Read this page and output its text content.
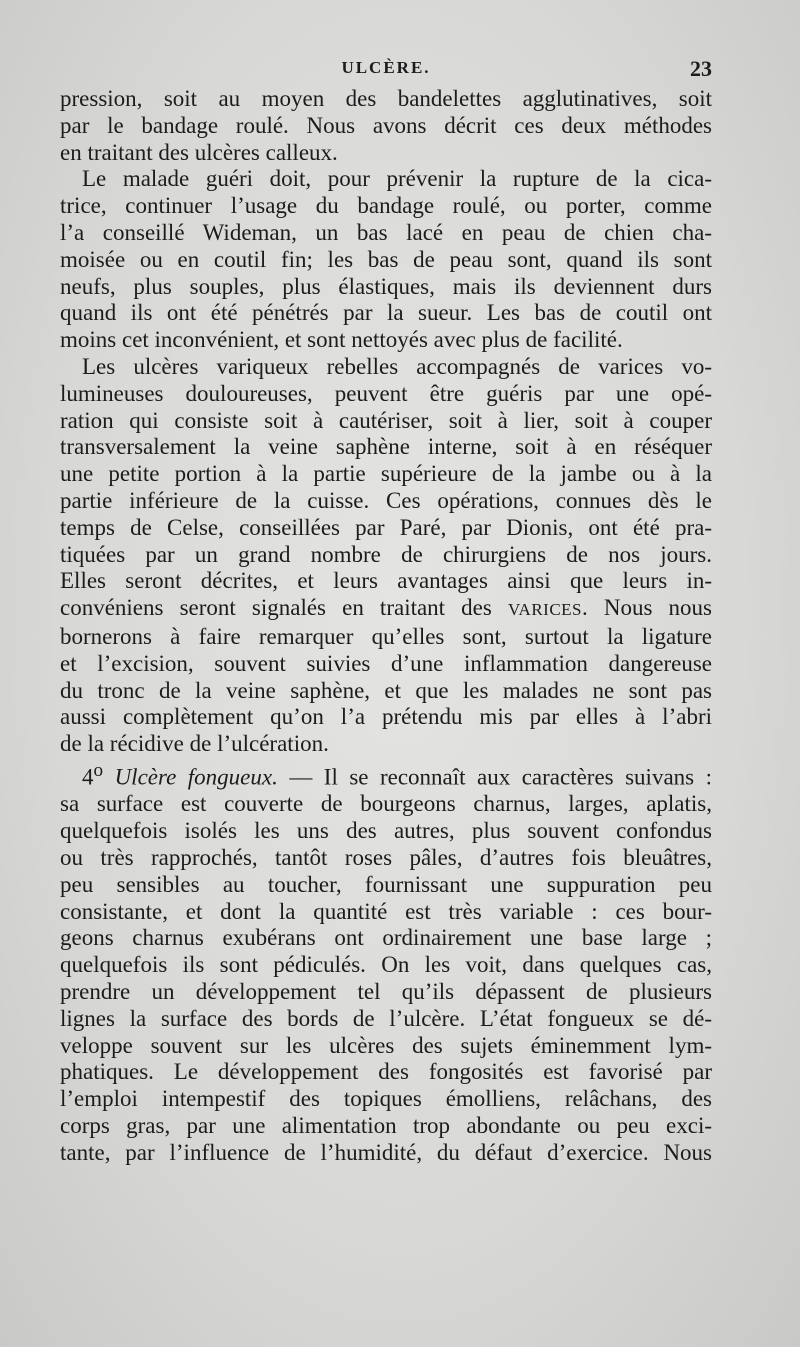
ULCÈRE.	23
pression, soit au moyen des bandelettes agglutinatives, soit
par le bandage roulé. Nous avons décrit ces deux méthodes
en traitant des ulcères calleux.
Le malade guéri doit, pour prévenir la rupture de la cica-
trice, continuer l’usage du bandage roulé, ou porter, comme
l’a conseillé Wideman, un bas lacé en peau de chien cha-
moisée ou en coutil fin; les bas de peau sont, quand ils sont
neufs, plus souples, plus élastiques, mais ils deviennent durs
quand ils ont été pénétrés par la sueur. Les bas de coutil ont
moins cet inconvénient, et sont nettoyés avec plus de facilité.
Les ulcères variqueux rebelles accompagnés de varices vo-
lumineuses douloureuses, peuvent être guéris par une opé-
ration qui consiste soit à cautériser, soit à lier, soit à couper
transversalement la veine saphène interne, soit à en réséquer
une petite portion à la partie supérieure de la jambe ou à la
partie inférieure de la cuisse. Ces opérations, connues dès le
temps de Celse, conseillées par Paré, par Dionis, ont été pra-
tiquées par un grand nombre de chirurgiens de nos jours.
Elles seront décrites, et leurs avantages ainsi que leurs in-
convéniens seront signalés en traitant des VARICES. Nous nous
bornerons à faire remarquer qu’elles sont, surtout la ligature
et l’excision, souvent suivies d’une inflammation dangereuse
du tronc de la veine saphène, et que les malades ne sont pas
aussi complètement qu’on l’a prétendu mis par elles à l’abri
de la récidive de l’ulcération.
4$^o$ Ulcère fongueux. — Il se reconnaît aux caractères suivans :
sa surface est couverte de bourgeons charnus, larges, aplatis,
quelquefois isolés les uns des autres, plus souvent confondus
ou très rapprochés, tantôt roses pâles, d’autres fois bleuâtres,
peu sensibles au toucher, fournissant une suppuration peu
consistante, et dont la quantité est très variable : ces bour-
geons charnus exubérans ont ordinairement une base large ;
quelquefois ils sont pédiculés. On les voit, dans quelques cas,
prendre un développement tel qu’ils dépassent de plusieurs
lignes la surface des bords de l’ulcère. L’état fongueux se dé-
veloppe souvent sur les ulcères des sujets éminemment lym-
phatiques. Le développement des fongosités est favorisé par
l’emploi intempestif des topiques émolliens, relâchans, des
corps gras, par une alimentation trop abondante ou peu exci-
tante, par l’influence de l’humidité, du défaut d’exercice. Nous
